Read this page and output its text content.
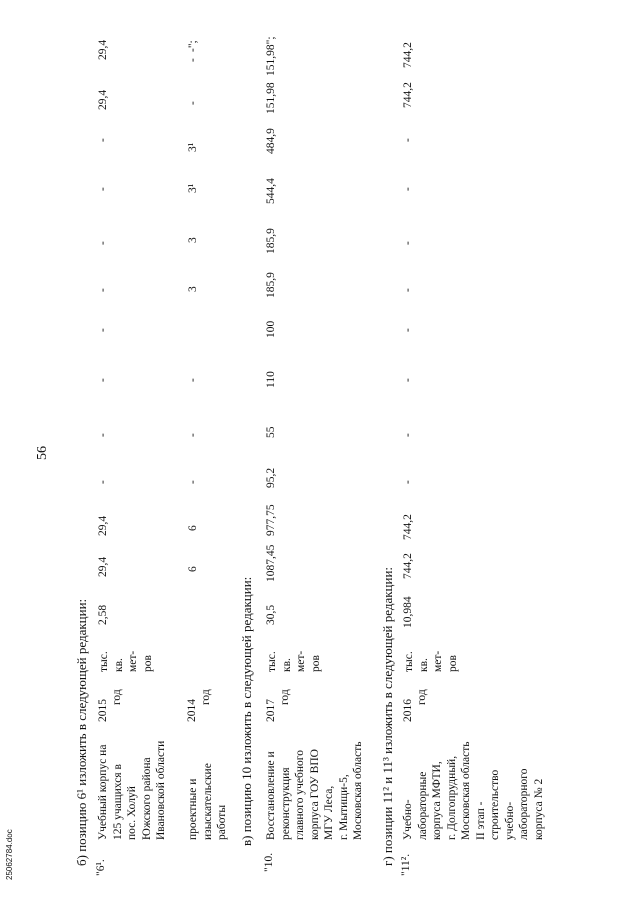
56
б) позицию 6¹ изложить в следующей редакции:	в) позицию 10 изложить в следующей редакции:	г) позиции 11² и 11³ изложить в следующей редакции:
"6¹.
Учебный корпус на
125 учащихся в
пос. Холуй
Южского района
Ивановской области
2015
год
тыс.
кв.
мет-
ров
2,58
29,4
29,4
-
-
-
-
-
-
-
-
29,4
29,4
проектные и
изыскательские
работы
2014
год
6
6
-
-
-
3
3
3¹
3¹
-
-
-";
"10.
Восстановление и
реконструкция
главного учебного
корпуса ГОУ ВПО
МГУ Леса,
г. Мытищи-5,
Московская область
2017
год
тыс.
кв.
мет-
ров
30,5
1087,45
977,75
95,2
55
110
100
185,9
185,9
544,4
484,9
151,98
151,98";
"11².
Учебно-
лабораторные
корпуса МФТИ,
г. Долгопрудный,
Московская область
II этап -
строительство
учебно-
лабораторного
корпуса № 2
2016
год
тыс.
кв.
мет-
ров
10,984
744,2
744,2
-
-
-
-
-
-
-
-
744,2
744,2
25062784.doc
